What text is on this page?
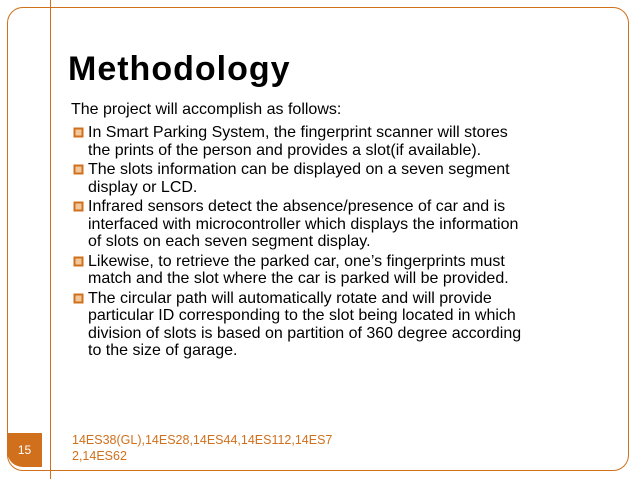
Methodology
The project will accomplish as follows:
In Smart Parking System, the fingerprint scanner will stores
the prints of the person and provides a slot(if available).
The slots information can be displayed on a seven segment
display or LCD.
Infrared sensors detect the absence/presence of car and is
interfaced with microcontroller which displays the information
of slots on each seven segment display.
Likewise, to retrieve the parked car, one’s fingerprints must
match and the slot where the car is parked will be provided.
The circular path will automatically rotate and will provide
particular ID corresponding to the slot being located in which
division of slots is based on partition of 360 degree according
to the size of garage.
14ES38(GL),14ES28,14ES44,14ES112,14ES7
2,14ES62
15
